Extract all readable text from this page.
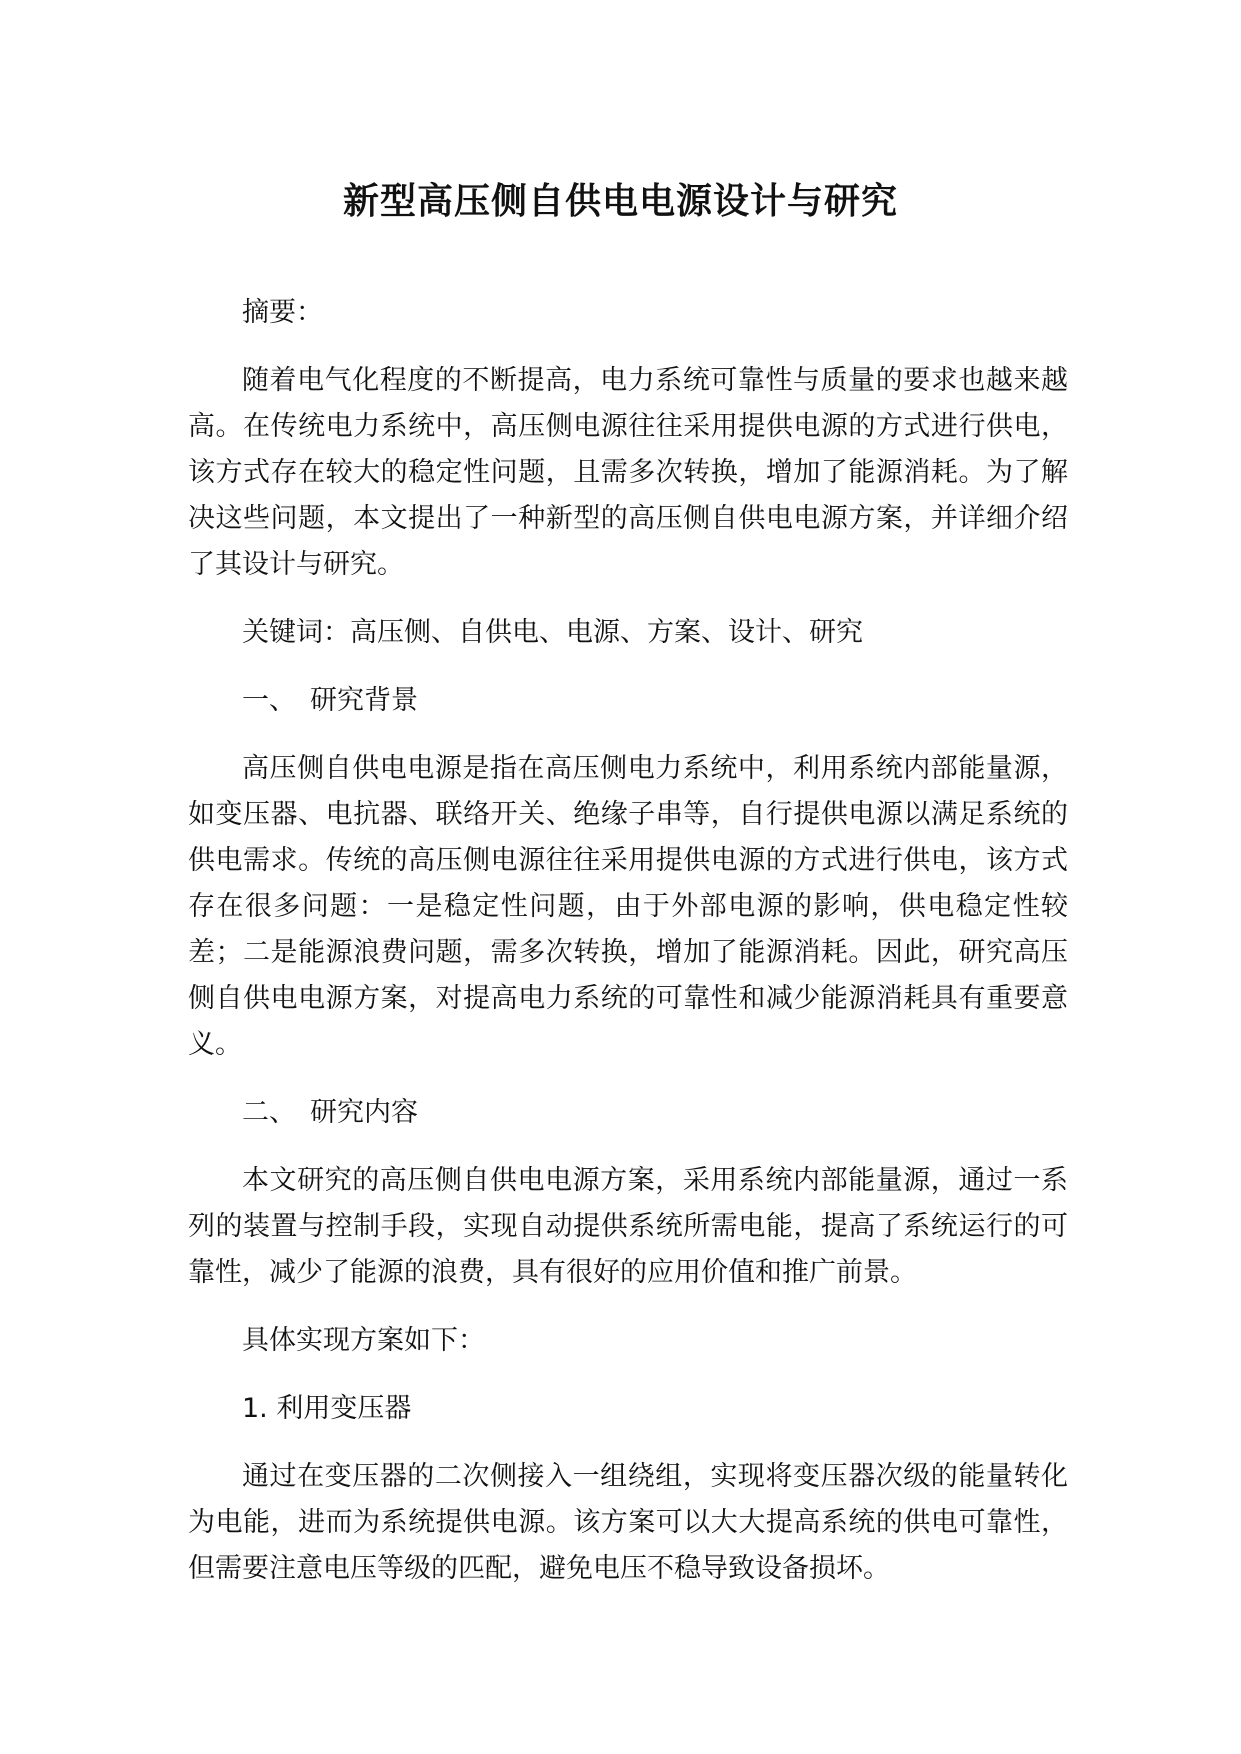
新型高压侧自供电电源设计与研究

摘要：

随着电气化程度的不断提高，电力系统可靠性与质量的要求也越来越高。在传统电力系统中，高压侧电源往往采用提供电源的方式进行供电，该方式存在较大的稳定性问题，且需多次转换，增加了能源消耗。为了解决这些问题，本文提出了一种新型的高压侧自供电电源方案，并详细介绍了其设计与研究。

关键词：高压侧、自供电、电源、方案、设计、研究

一、 研究背景

高压侧自供电电源是指在高压侧电力系统中，利用系统内部能量源，如变压器、电抗器、联络开关、绝缘子串等，自行提供电源以满足系统的供电需求。传统的高压侧电源往往采用提供电源的方式进行供电，该方式存在很多问题：一是稳定性问题，由于外部电源的影响，供电稳定性较差；二是能源浪费问题，需多次转换，增加了能源消耗。因此，研究高压侧自供电电源方案，对提高电力系统的可靠性和减少能源消耗具有重要意义。

二、 研究内容

本文研究的高压侧自供电电源方案，采用系统内部能量源，通过一系列的装置与控制手段，实现自动提供系统所需电能，提高了系统运行的可靠性，减少了能源的浪费，具有很好的应用价值和推广前景。

具体实现方案如下：

1. 利用变压器

通过在变压器的二次侧接入一组绕组，实现将变压器次级的能量转化为电能，进而为系统提供电源。该方案可以大大提高系统的供电可靠性，但需要注意电压等级的匹配，避免电压不稳导致设备损坏。
